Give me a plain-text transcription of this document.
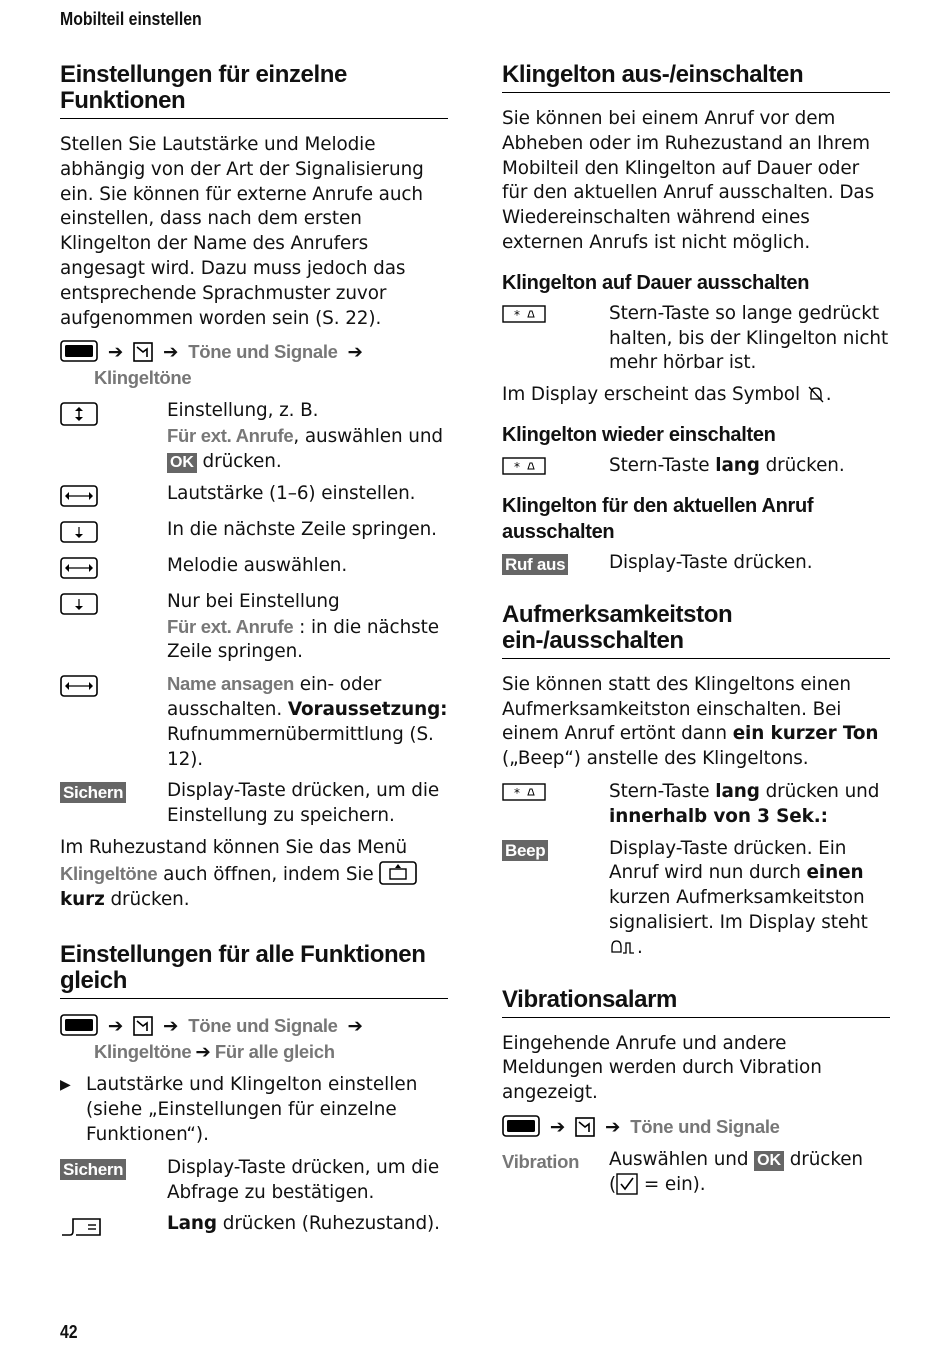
Mobilteil einstellen
Einstellungen für einzelne Funktionen

Stellen Sie Lautstärke und Melodie abhängig von der Art der Signalisierung ein. Sie können für externe Anrufe auch einstellen, dass nach dem ersten Klingelton der Name des Anrufers angesagt wird. Dazu muss jedoch das entsprechende Sprachmuster zuvor aufgenommen worden sein (S. 22).

➔ ➔ Töne und Signale ➔
Klingeltöne
Einstellung, z. B.
Für ext. Anrufe, auswählen und
OK drücken.
Lautstärke (1–6) einstellen.
In die nächste Zeile springen.
Melodie auswählen.
Nur bei Einstellung
Für ext. Anrufe : in die nächste Zeile springen.
Name ansagen ein- oder ausschalten. Voraussetzung: Rufnummernübermittlung (S. 12).
Sichern	Display-Taste drücken, um die Einstellung zu speichern.

Im Ruhezustand können Sie das Menü
Klingeltöne auch öffnen, indem Sie
kurz drücken.

Einstellungen für alle Funktionen gleich
➔ ➔ Töne und Signale ➔
Klingeltöne ➔ Für alle gleich
▶ Lautstärke und Klingelton einstellen (siehe „Einstellungen für einzelne Funktionen“).
Sichern	Display-Taste drücken, um die Abfrage zu bestätigen.
Lang drücken (Ruhezustand).
Klingelton aus-/einschalten

Sie können bei einem Anruf vor dem Abheben oder im Ruhezustand an Ihrem Mobilteil den Klingelton auf Dauer oder für den aktuellen Anruf ausschalten. Das Wiedereinschalten während eines externen Anrufs ist nicht möglich.

Klingelton auf Dauer ausschalten
*	Stern-Taste so lange gedrückt halten, bis der Klingelton nicht mehr hörbar ist.

Im Display erscheint das Symbol .

Klingelton wieder einschalten
*	Stern-Taste lang drücken.
Klingelton für den aktuellen Anruf ausschalten
Ruf aus	Display-Taste drücken.
Aufmerksamkeitston ein-/ausschalten

Sie können statt des Klingeltons einen Aufmerksamkeitston einschalten. Bei einem Anruf ertönt dann ein kurzer Ton („Beep“) anstelle des Klingeltons.

*	Stern-Taste lang drücken und innerhalb von 3 Sek.:
Beep	Display-Taste drücken. Ein Anruf wird nun durch einen kurzen Aufmerksamkeitston signalisiert. Im Display steht
.
Vibrationsalarm

Eingehende Anrufe und andere Meldungen werden durch Vibration angezeigt.

➔ ➔ Töne und Signale
Vibration	Auswählen und OK drücken
( = ein).
42
